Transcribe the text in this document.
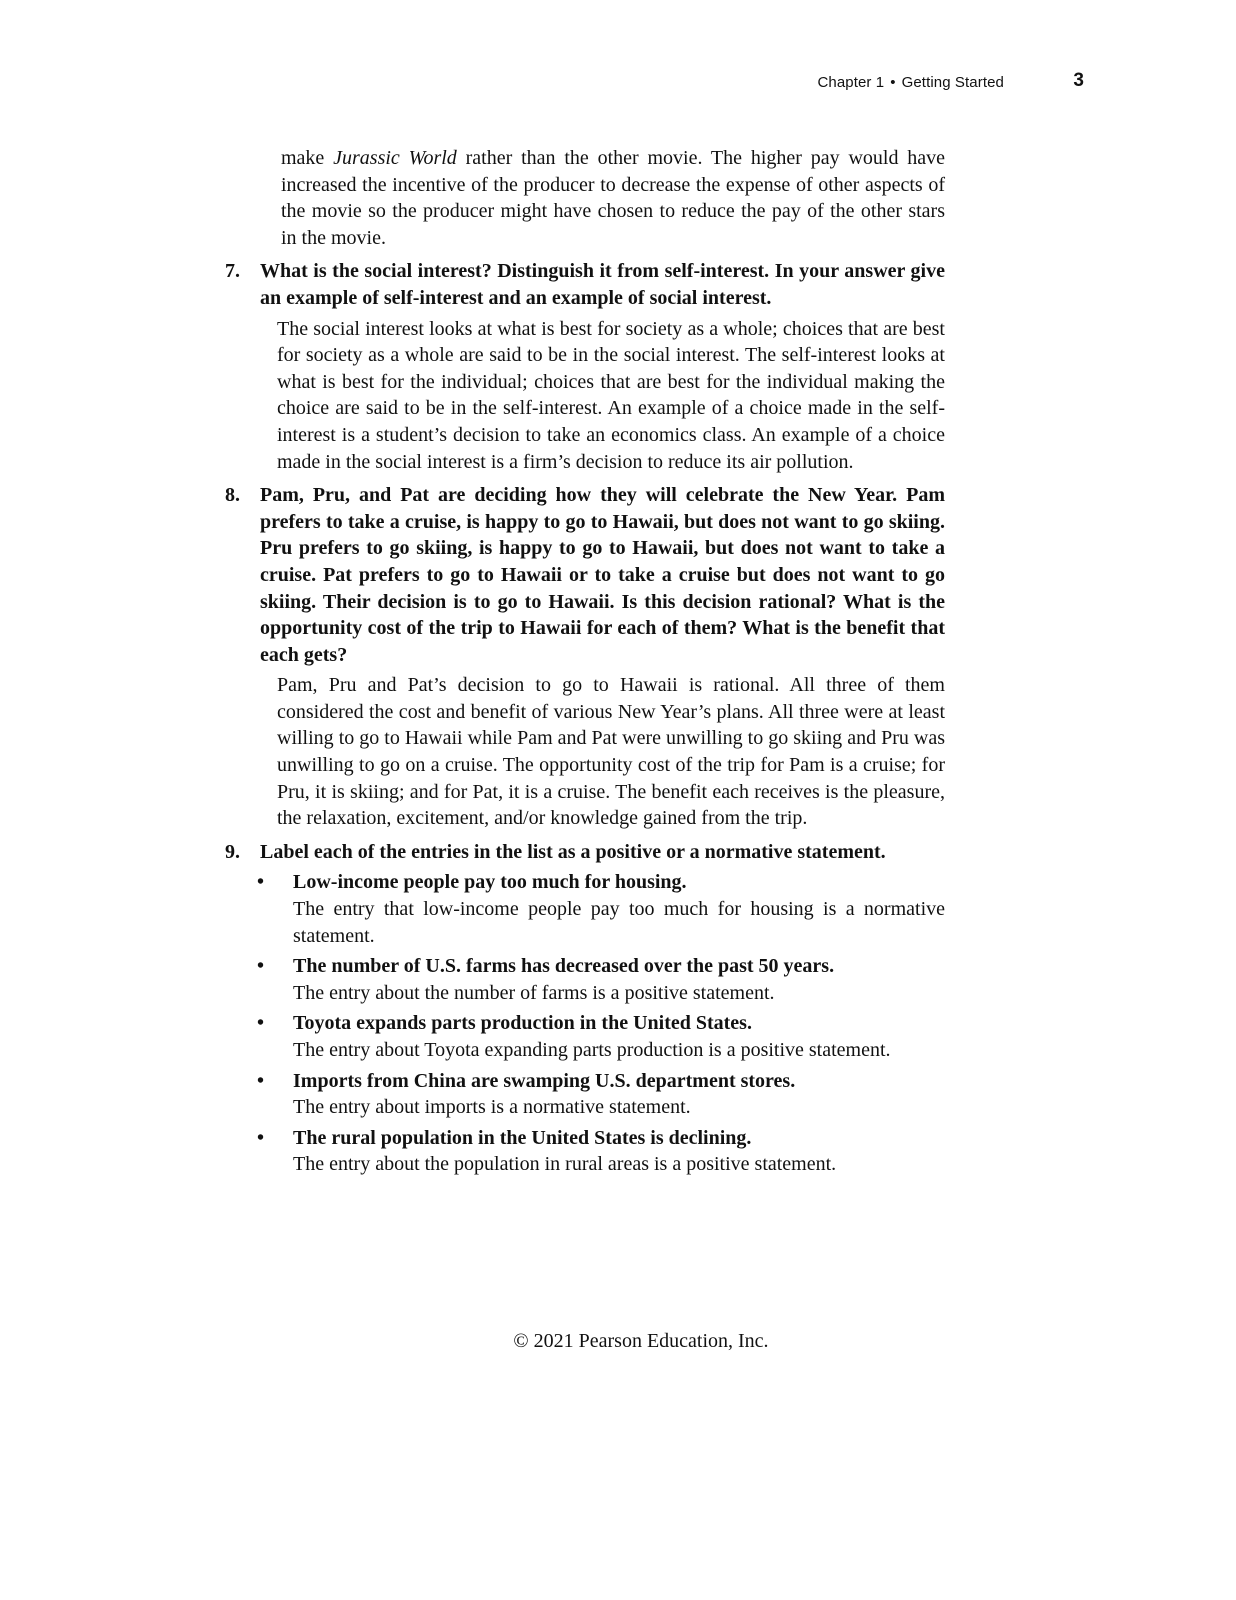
Chapter 1 • Getting Started	3

make Jurassic World rather than the other movie. The higher pay would have increased the incentive of the producer to decrease the expense of other aspects of the movie so the producer might have chosen to reduce the pay of the other stars in the movie.

7.	What is the social interest? Distinguish it from self-interest. In your answer give an example of self-interest and an example of social interest.

The social interest looks at what is best for society as a whole; choices that are best for society as a whole are said to be in the social interest. The self-interest looks at what is best for the individual; choices that are best for the individual making the choice are said to be in the self-interest. An example of a choice made in the self-interest is a student’s decision to take an economics class. An example of a choice made in the social interest is a firm’s decision to reduce its air pollution.

8.	Pam, Pru, and Pat are deciding how they will celebrate the New Year. Pam prefers to take a cruise, is happy to go to Hawaii, but does not want to go skiing. Pru prefers to go skiing, is happy to go to Hawaii, but does not want to take a cruise. Pat prefers to go to Hawaii or to take a cruise but does not want to go skiing. Their decision is to go to Hawaii. Is this decision rational? What is the opportunity cost of the trip to Hawaii for each of them? What is the benefit that each gets?

Pam, Pru and Pat’s decision to go to Hawaii is rational. All three of them considered the cost and benefit of various New Year’s plans. All three were at least willing to go to Hawaii while Pam and Pat were unwilling to go skiing and Pru was unwilling to go on a cruise. The opportunity cost of the trip for Pam is a cruise; for Pru, it is skiing; and for Pat, it is a cruise. The benefit each receives is the pleasure, the relaxation, excitement, and/or knowledge gained from the trip.

9.	Label each of the entries in the list as a positive or a normative statement.
• Low-income people pay too much for housing.
The entry that low-income people pay too much for housing is a normative statement.
• The number of U.S. farms has decreased over the past 50 years.
The entry about the number of farms is a positive statement.
• Toyota expands parts production in the United States.
The entry about Toyota expanding parts production is a positive statement.
• Imports from China are swamping U.S. department stores.
The entry about imports is a normative statement.
• The rural population in the United States is declining.
The entry about the population in rural areas is a positive statement.
© 2021 Pearson Education, Inc.
